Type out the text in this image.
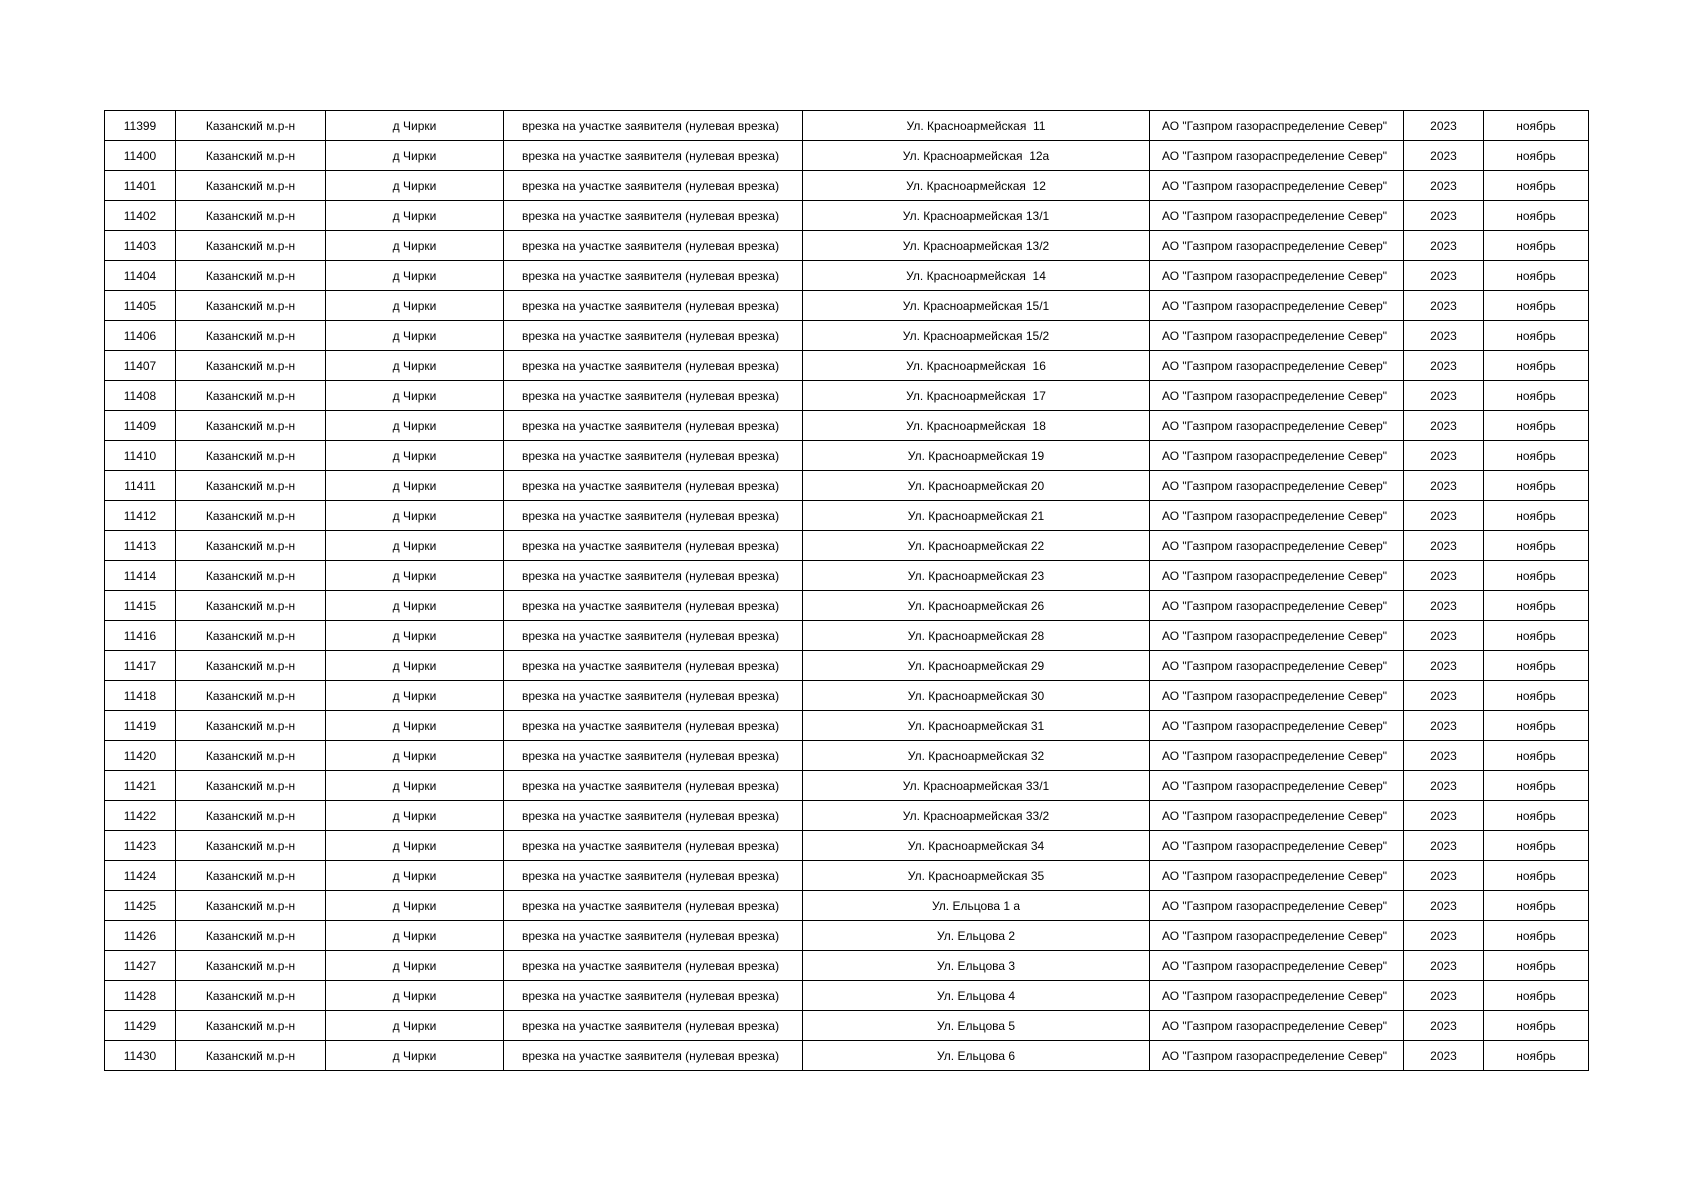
11399	Казанский м.р-н	д Чирки	врезка на участке заявителя (нулевая врезка)	Ул. Красноармейская  11	АО "Газпром газораспределение Север"	2023	ноябрь
11400	Казанский м.р-н	д Чирки	врезка на участке заявителя (нулевая врезка)	Ул. Красноармейская  12а	АО "Газпром газораспределение Север"	2023	ноябрь
11401	Казанский м.р-н	д Чирки	врезка на участке заявителя (нулевая врезка)	Ул. Красноармейская  12	АО "Газпром газораспределение Север"	2023	ноябрь
11402	Казанский м.р-н	д Чирки	врезка на участке заявителя (нулевая врезка)	Ул. Красноармейская 13/1	АО "Газпром газораспределение Север"	2023	ноябрь
11403	Казанский м.р-н	д Чирки	врезка на участке заявителя (нулевая врезка)	Ул. Красноармейская 13/2	АО "Газпром газораспределение Север"	2023	ноябрь
11404	Казанский м.р-н	д Чирки	врезка на участке заявителя (нулевая врезка)	Ул. Красноармейская  14	АО "Газпром газораспределение Север"	2023	ноябрь
11405	Казанский м.р-н	д Чирки	врезка на участке заявителя (нулевая врезка)	Ул. Красноармейская 15/1	АО "Газпром газораспределение Север"	2023	ноябрь
11406	Казанский м.р-н	д Чирки	врезка на участке заявителя (нулевая врезка)	Ул. Красноармейская 15/2	АО "Газпром газораспределение Север"	2023	ноябрь
11407	Казанский м.р-н	д Чирки	врезка на участке заявителя (нулевая врезка)	Ул. Красноармейская  16	АО "Газпром газораспределение Север"	2023	ноябрь
11408	Казанский м.р-н	д Чирки	врезка на участке заявителя (нулевая врезка)	Ул. Красноармейская  17	АО "Газпром газораспределение Север"	2023	ноябрь
11409	Казанский м.р-н	д Чирки	врезка на участке заявителя (нулевая врезка)	Ул. Красноармейская  18	АО "Газпром газораспределение Север"	2023	ноябрь
11410	Казанский м.р-н	д Чирки	врезка на участке заявителя (нулевая врезка)	Ул. Красноармейская 19	АО "Газпром газораспределение Север"	2023	ноябрь
11411	Казанский м.р-н	д Чирки	врезка на участке заявителя (нулевая врезка)	Ул. Красноармейская 20	АО "Газпром газораспределение Север"	2023	ноябрь
11412	Казанский м.р-н	д Чирки	врезка на участке заявителя (нулевая врезка)	Ул. Красноармейская 21	АО "Газпром газораспределение Север"	2023	ноябрь
11413	Казанский м.р-н	д Чирки	врезка на участке заявителя (нулевая врезка)	Ул. Красноармейская 22	АО "Газпром газораспределение Север"	2023	ноябрь
11414	Казанский м.р-н	д Чирки	врезка на участке заявителя (нулевая врезка)	Ул. Красноармейская 23	АО "Газпром газораспределение Север"	2023	ноябрь
11415	Казанский м.р-н	д Чирки	врезка на участке заявителя (нулевая врезка)	Ул. Красноармейская 26	АО "Газпром газораспределение Север"	2023	ноябрь
11416	Казанский м.р-н	д Чирки	врезка на участке заявителя (нулевая врезка)	Ул. Красноармейская 28	АО "Газпром газораспределение Север"	2023	ноябрь
11417	Казанский м.р-н	д Чирки	врезка на участке заявителя (нулевая врезка)	Ул. Красноармейская 29	АО "Газпром газораспределение Север"	2023	ноябрь
11418	Казанский м.р-н	д Чирки	врезка на участке заявителя (нулевая врезка)	Ул. Красноармейская 30	АО "Газпром газораспределение Север"	2023	ноябрь
11419	Казанский м.р-н	д Чирки	врезка на участке заявителя (нулевая врезка)	Ул. Красноармейская 31	АО "Газпром газораспределение Север"	2023	ноябрь
11420	Казанский м.р-н	д Чирки	врезка на участке заявителя (нулевая врезка)	Ул. Красноармейская 32	АО "Газпром газораспределение Север"	2023	ноябрь
11421	Казанский м.р-н	д Чирки	врезка на участке заявителя (нулевая врезка)	Ул. Красноармейская 33/1	АО "Газпром газораспределение Север"	2023	ноябрь
11422	Казанский м.р-н	д Чирки	врезка на участке заявителя (нулевая врезка)	Ул. Красноармейская 33/2	АО "Газпром газораспределение Север"	2023	ноябрь
11423	Казанский м.р-н	д Чирки	врезка на участке заявителя (нулевая врезка)	Ул. Красноармейская 34	АО "Газпром газораспределение Север"	2023	ноябрь
11424	Казанский м.р-н	д Чирки	врезка на участке заявителя (нулевая врезка)	Ул. Красноармейская 35	АО "Газпром газораспределение Север"	2023	ноябрь
11425	Казанский м.р-н	д Чирки	врезка на участке заявителя (нулевая врезка)	Ул. Ельцова 1 а	АО "Газпром газораспределение Север"	2023	ноябрь
11426	Казанский м.р-н	д Чирки	врезка на участке заявителя (нулевая врезка)	Ул. Ельцова 2	АО "Газпром газораспределение Север"	2023	ноябрь
11427	Казанский м.р-н	д Чирки	врезка на участке заявителя (нулевая врезка)	Ул. Ельцова 3	АО "Газпром газораспределение Север"	2023	ноябрь
11428	Казанский м.р-н	д Чирки	врезка на участке заявителя (нулевая врезка)	Ул. Ельцова 4	АО "Газпром газораспределение Север"	2023	ноябрь
11429	Казанский м.р-н	д Чирки	врезка на участке заявителя (нулевая врезка)	Ул. Ельцова 5	АО "Газпром газораспределение Север"	2023	ноябрь
11430	Казанский м.р-н	д Чирки	врезка на участке заявителя (нулевая врезка)	Ул. Ельцова 6	АО "Газпром газораспределение Север"	2023	ноябрь
